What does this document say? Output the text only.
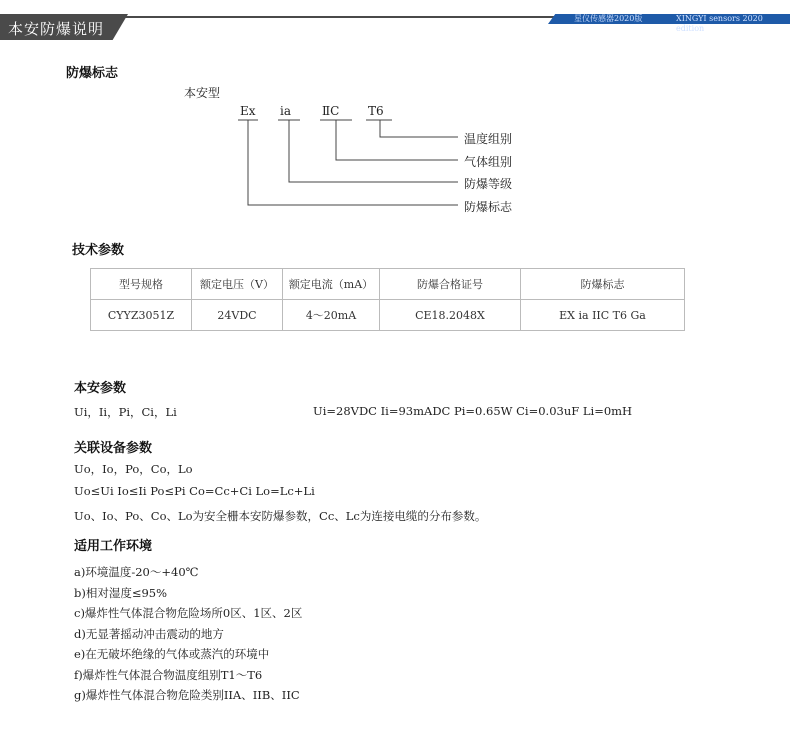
本安防爆说明
星仪传感器2020版	XINGYI sensors 2020 edition
防爆标志
本安型
Ex ia	ⅡC T6
温度组别
气体组别
防爆等级
防爆标志
技术参数
型号规格	额定电压（V）	额定电流（mA）	防爆合格证号	防爆标志
CYYZ3051Z	24VDC	4～20mA	CE18.2048X	EX ia IIC T6 Ga
本安参数
Ui，Ii，Pi，Ci，Li	Ui=28VDC Ii=93mADC Pi=0.65W Ci=0.03uF Li=0mH
关联设备参数
Uo，Io，Po，Co，Lo
Uo≤Ui Io≤Ii Po≤Pi Co=Cc+Ci Lo=Lc+Li
Uo、Io、Po、Co、Lo为安全栅本安防爆参数，Cc、Lc为连接电缆的分布参数。
适用工作环境
a)环境温度-20～+40℃
b)相对湿度≤95%
c)爆炸性气体混合物危险场所0区、1区、2区
d)无显著摇动冲击震动的地方
e)在无破坏绝缘的气体或蒸汽的环境中
f)爆炸性气体混合物温度组别T1～T6
g)爆炸性气体混合物危险类别IIA、IIB、IIC
